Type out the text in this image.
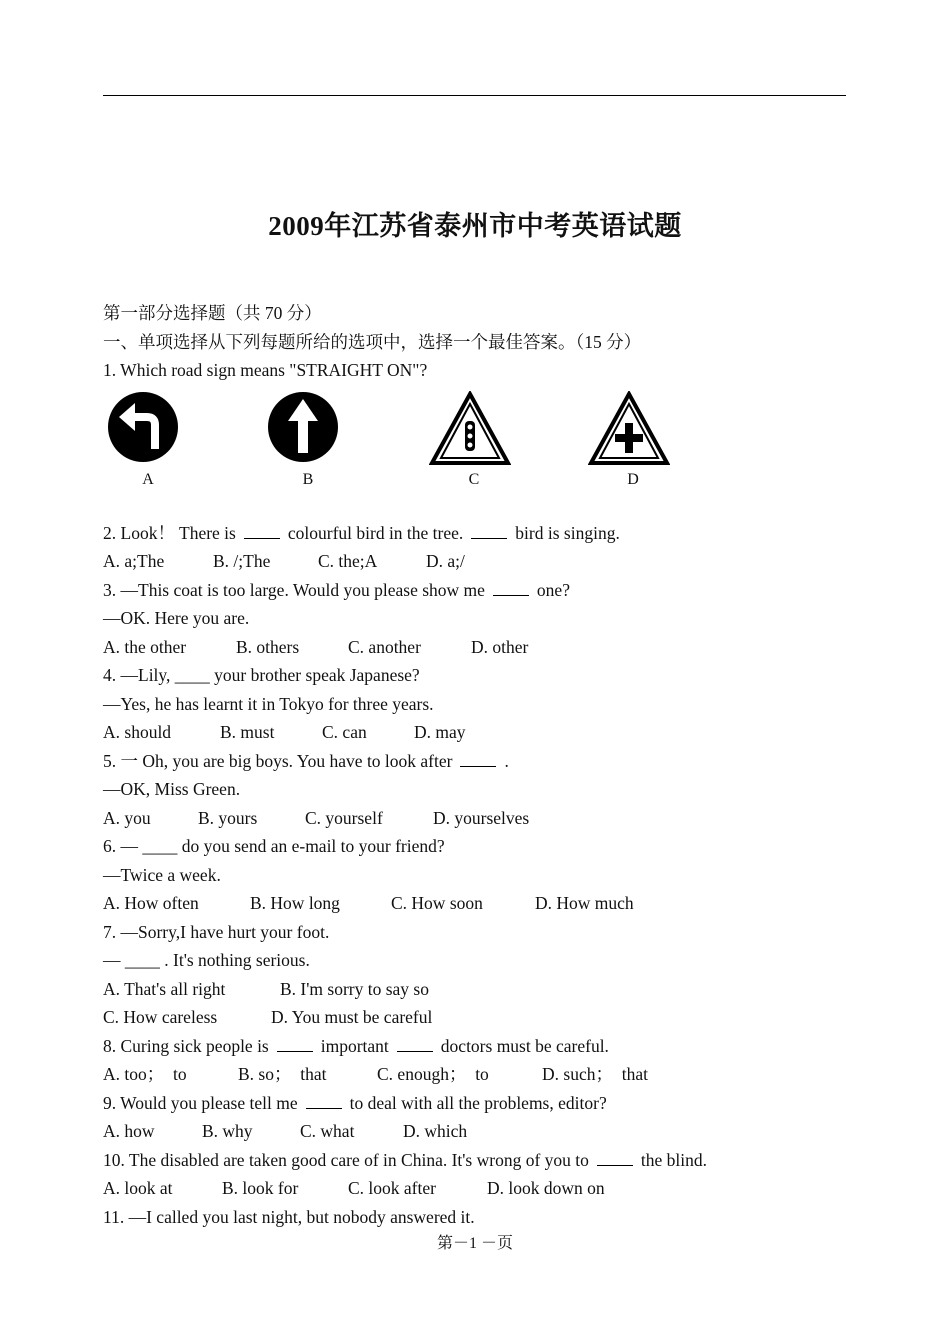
2009年江苏省泰州市中考英语试题
第一部分选择题（共 70 分）
一、单项选择从下列每题所给的选项中，选择一个最佳答案。（15 分）
1. Which road sign means "STRAIGHT ON"?
A	B	C	D
2. Look！ There is	colourful bird in the tree.	bird is singing.
A. a;The	B. /;The	C. the;A	D. a;/
3. —This coat is too large. Would you please show me	one?
—OK. Here you are.
A. the other	B. others	C. another	D. other
4. —Lily, ____ your brother speak Japanese?
—Yes, he has learnt it in Tokyo for three years.
A. should	B. must	C. can	D. may
5. 一 Oh, you are big boys. You have to look after	.
—OK, Miss Green.
A. you	B. yours	C. yourself	D. yourselves
6. — ____ do you send an e-mail to your friend?
—Twice a week.
A. How often	B. How long	C. How soon	D. How much
7. —Sorry,I have hurt your foot.
— ____ . It's nothing serious.
A. That's all right	B. I'm sorry to say so
C. How careless	D. You must be careful
8. Curing sick people is	important	doctors must be careful.
A. too；  to	B. so；  that	C. enough；  to	D. such；  that
9. Would you please tell me	to deal with all the problems, editor?
A. how	B. why	C. what	D. which
10. The disabled are taken good care of in China. It's wrong of you to	the blind.
A. look at	B. look for	C. look after	D. look down on
11. —I called you last night, but nobody answered it.
第－1 －页
